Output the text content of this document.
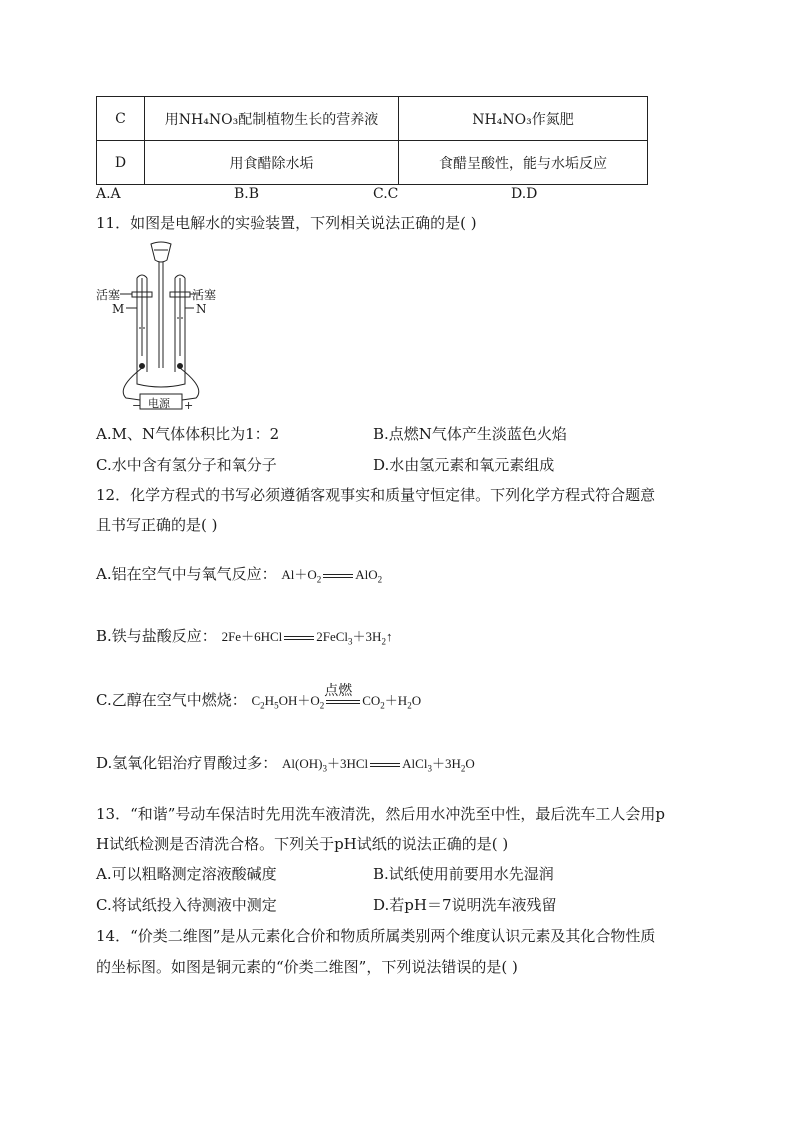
C	用NH₄NO₃配制植物生长的营养液	NH₄NO₃作氮肥
D	用食醋除水垢	食醋呈酸性，能与水垢反应
A.A	B.B	C.C	D.D
11．如图是电解水的实验装置，下列相关说法正确的是( )
活塞	活塞
M	N
电源
−	+
A.M、N气体体积比为1：2	B.点燃N气体产生淡蓝色火焰
C.水中含有氢分子和氧分子	D.水由氢元素和氧元素组成
12．化学方程式的书写必须遵循客观事实和质量守恒定律。下列化学方程式符合题意
且书写正确的是( )
A.铝在空气中与氧气反应： $Al+O_2$	AlO$_2$
B.铁与盐酸反应： 2Fe＋6HCl	$2FeCl_3+3H_2↑$
C.乙醇在空气中燃烧： $C_2H_5OH+O_2$
点燃
$CO_2+H_2O$
D.氢氧化铝治疗胃酸过多： $Al(OH)_3+3HCl$	$AlCl_3+3H_2O$
13．“和谐”号动车保洁时先用洗车液清洗，然后用水冲洗至中性，最后洗车工人会用p
H试纸检测是否清洗合格。下列关于pH试纸的说法正确的是( )
A.可以粗略测定溶液酸碱度	B.试纸使用前要用水先湿润
C.将试纸投入待测液中测定	D.若pH＝7说明洗车液残留
14．“价类二维图”是从元素化合价和物质所属类别两个维度认识元素及其化合物性质
的坐标图。如图是铜元素的“价类二维图”，下列说法错误的是( )
